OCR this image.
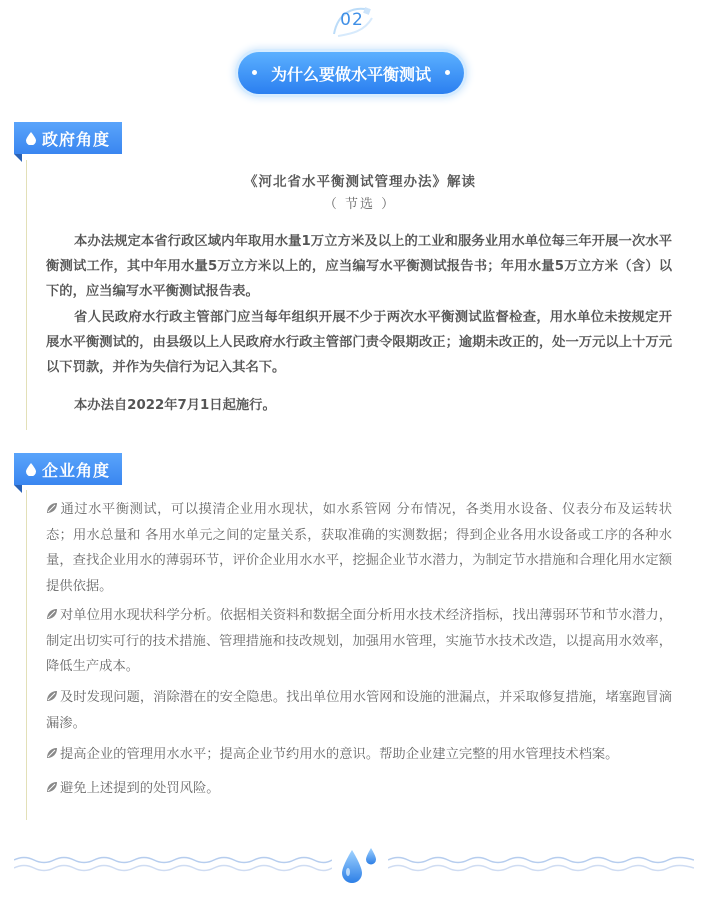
02
为什么要做水平衡测试
政府角度
《河北省水平衡测试管理办法》解读
（ 节选 ）
本办法规定本省行政区域内年取用水量1万立方米及以上的工业和服务业用水单位每三年开展一次水平衡测试工作，其中年用水量5万立方米以上的，应当编写水平衡测试报告书；年用水量5万立方米（含）以下的，应当编写水平衡测试报告表。
省人民政府水行政主管部门应当每年组织开展不少于两次水平衡测试监督检查，用水单位未按规定开展水平衡测试的，由县级以上人民政府水行政主管部门责令限期改正；逾期未改正的，处一万元以上十万元以下罚款，并作为失信行为记入其名下。
本办法自2022年7月1日起施行。
企业角度
通过水平衡测试，可以摸清企业用水现状，如水系管网 分布情况，各类用水设备、仪表分布及运转状态；用水总量和 各用水单元之间的定量关系，获取准确的实测数据；得到企业各用水设备或工序的各种水量，查找企业用水的薄弱环节，评价企业用水水平，挖掘企业节水潜力，为制定节水措施和合理化用水定额提供依据。
对单位用水现状科学分析。依据相关资料和数据全面分析用水技术经济指标，找出薄弱环节和节水潜力，制定出切实可行的技术措施、管理措施和技改规划，加强用水管理，实施节水技术改造，以提高用水效率，降低生产成本。
及时发现问题，消除潜在的安全隐患。找出单位用水管网和设施的泄漏点，并采取修复措施，堵塞跑冒滴漏渗。
提高企业的管理用水水平；提高企业节约用水的意识。帮助企业建立完整的用水管理技术档案。
避免上述提到的处罚风险。
